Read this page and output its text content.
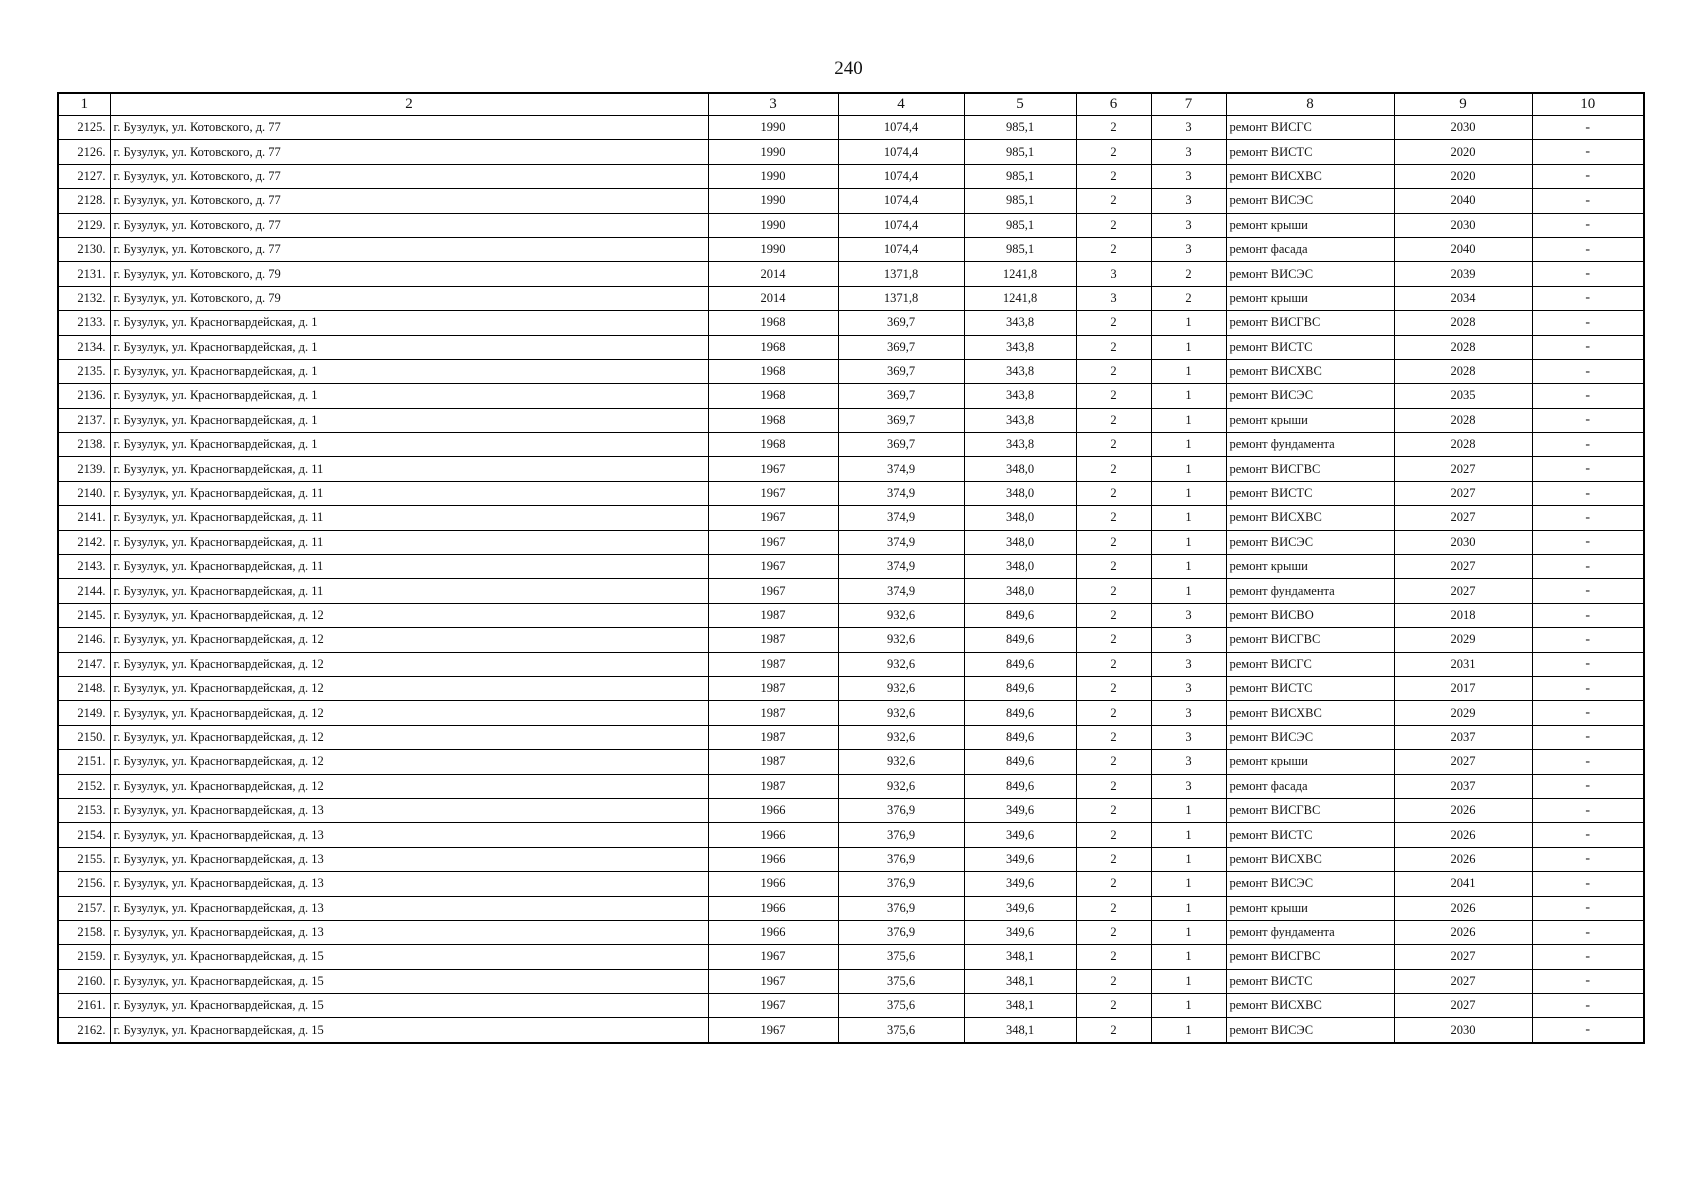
240
1	2	3	4	5	6	7	8	9	10
2125.	г. Бузулук, ул. Котовского, д. 77	1990	1074,4	985,1	2	3	ремонт ВИСГС	2030	-
2126.	г. Бузулук, ул. Котовского, д. 77	1990	1074,4	985,1	2	3	ремонт ВИСТС	2020	-
2127.	г. Бузулук, ул. Котовского, д. 77	1990	1074,4	985,1	2	3	ремонт ВИСХВС	2020	-
2128.	г. Бузулук, ул. Котовского, д. 77	1990	1074,4	985,1	2	3	ремонт ВИСЭС	2040	-
2129.	г. Бузулук, ул. Котовского, д. 77	1990	1074,4	985,1	2	3	ремонт крыши	2030	-
2130.	г. Бузулук, ул. Котовского, д. 77	1990	1074,4	985,1	2	3	ремонт фасада	2040	-
2131.	г. Бузулук, ул. Котовского, д. 79	2014	1371,8	1241,8	3	2	ремонт ВИСЭС	2039	-
2132.	г. Бузулук, ул. Котовского, д. 79	2014	1371,8	1241,8	3	2	ремонт крыши	2034	-
2133.	г. Бузулук, ул. Красногвардейская, д. 1	1968	369,7	343,8	2	1	ремонт ВИСГВС	2028	-
2134.	г. Бузулук, ул. Красногвардейская, д. 1	1968	369,7	343,8	2	1	ремонт ВИСТС	2028	-
2135.	г. Бузулук, ул. Красногвардейская, д. 1	1968	369,7	343,8	2	1	ремонт ВИСХВС	2028	-
2136.	г. Бузулук, ул. Красногвардейская, д. 1	1968	369,7	343,8	2	1	ремонт ВИСЭС	2035	-
2137.	г. Бузулук, ул. Красногвардейская, д. 1	1968	369,7	343,8	2	1	ремонт крыши	2028	-
2138.	г. Бузулук, ул. Красногвардейская, д. 1	1968	369,7	343,8	2	1	ремонт фундамента	2028	-
2139.	г. Бузулук, ул. Красногвардейская, д. 11	1967	374,9	348,0	2	1	ремонт ВИСГВС	2027	-
2140.	г. Бузулук, ул. Красногвардейская, д. 11	1967	374,9	348,0	2	1	ремонт ВИСТС	2027	-
2141.	г. Бузулук, ул. Красногвардейская, д. 11	1967	374,9	348,0	2	1	ремонт ВИСХВС	2027	-
2142.	г. Бузулук, ул. Красногвардейская, д. 11	1967	374,9	348,0	2	1	ремонт ВИСЭС	2030	-
2143.	г. Бузулук, ул. Красногвардейская, д. 11	1967	374,9	348,0	2	1	ремонт крыши	2027	-
2144.	г. Бузулук, ул. Красногвардейская, д. 11	1967	374,9	348,0	2	1	ремонт фундамента	2027	-
2145.	г. Бузулук, ул. Красногвардейская, д. 12	1987	932,6	849,6	2	3	ремонт ВИСВО	2018	-
2146.	г. Бузулук, ул. Красногвардейская, д. 12	1987	932,6	849,6	2	3	ремонт ВИСГВС	2029	-
2147.	г. Бузулук, ул. Красногвардейская, д. 12	1987	932,6	849,6	2	3	ремонт ВИСГС	2031	-
2148.	г. Бузулук, ул. Красногвардейская, д. 12	1987	932,6	849,6	2	3	ремонт ВИСТС	2017	-
2149.	г. Бузулук, ул. Красногвардейская, д. 12	1987	932,6	849,6	2	3	ремонт ВИСХВС	2029	-
2150.	г. Бузулук, ул. Красногвардейская, д. 12	1987	932,6	849,6	2	3	ремонт ВИСЭС	2037	-
2151.	г. Бузулук, ул. Красногвардейская, д. 12	1987	932,6	849,6	2	3	ремонт крыши	2027	-
2152.	г. Бузулук, ул. Красногвардейская, д. 12	1987	932,6	849,6	2	3	ремонт фасада	2037	-
2153.	г. Бузулук, ул. Красногвардейская, д. 13	1966	376,9	349,6	2	1	ремонт ВИСГВС	2026	-
2154.	г. Бузулук, ул. Красногвардейская, д. 13	1966	376,9	349,6	2	1	ремонт ВИСТС	2026	-
2155.	г. Бузулук, ул. Красногвардейская, д. 13	1966	376,9	349,6	2	1	ремонт ВИСХВС	2026	-
2156.	г. Бузулук, ул. Красногвардейская, д. 13	1966	376,9	349,6	2	1	ремонт ВИСЭС	2041	-
2157.	г. Бузулук, ул. Красногвардейская, д. 13	1966	376,9	349,6	2	1	ремонт крыши	2026	-
2158.	г. Бузулук, ул. Красногвардейская, д. 13	1966	376,9	349,6	2	1	ремонт фундамента	2026	-
2159.	г. Бузулук, ул. Красногвардейская, д. 15	1967	375,6	348,1	2	1	ремонт ВИСГВС	2027	-
2160.	г. Бузулук, ул. Красногвардейская, д. 15	1967	375,6	348,1	2	1	ремонт ВИСТС	2027	-
2161.	г. Бузулук, ул. Красногвардейская, д. 15	1967	375,6	348,1	2	1	ремонт ВИСХВС	2027	-
2162.	г. Бузулук, ул. Красногвардейская, д. 15	1967	375,6	348,1	2	1	ремонт ВИСЭС	2030	-
